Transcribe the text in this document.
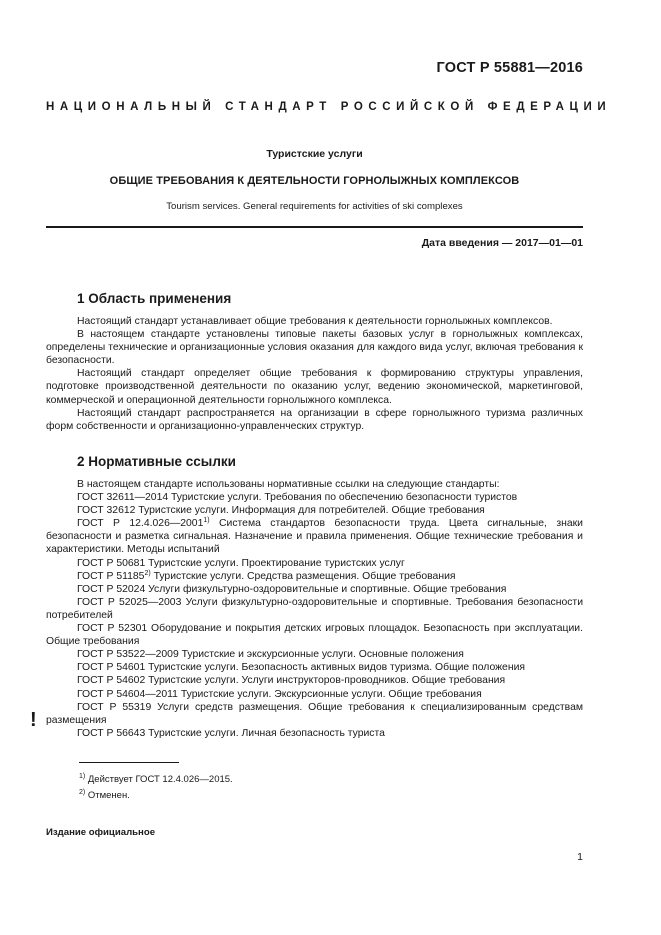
ГОСТ Р 55881—2016
НАЦИОНАЛЬНЫЙ СТАНДАРТ РОССИЙСКОЙ ФЕДЕРАЦИИ
Туристские услуги
ОБЩИЕ ТРЕБОВАНИЯ К ДЕЯТЕЛЬНОСТИ ГОРНОЛЫЖНЫХ КОМПЛЕКСОВ
Tourism services. General requirements for activities of ski complexes
Дата введения — 2017—01—01
1 Область применения

Настоящий стандарт устанавливает общие требования к деятельности горнолыжных комплексов.

В настоящем стандарте установлены типовые пакеты базовых услуг в горнолыжных комплексах, определены технические и организационные условия оказания для каждого вида услуг, включая требования к безопасности.

Настоящий стандарт определяет общие требования к формированию структуры управления, подготовке производственной деятельности по оказанию услуг, ведению экономической, маркетинговой, коммерческой и операционной деятельности горнолыжного комплекса.

Настоящий стандарт распространяется на организации в сфере горнолыжного туризма различных форм собственности и организационно-управленческих структур.

2 Нормативные ссылки

В настоящем стандарте использованы нормативные ссылки на следующие стандарты:

ГОСТ 32611—2014 Туристские услуги. Требования по обеспечению безопасности туристов

ГОСТ 32612 Туристские услуги. Информация для потребителей. Общие требования

ГОСТ Р 12.4.026—2001$^{1)}$ Система стандартов безопасности труда. Цвета сигнальные, знаки безопасности и разметка сигнальная. Назначение и правила применения. Общие технические требования и характеристики. Методы испытаний

ГОСТ Р 50681 Туристские услуги. Проектирование туристских услуг

ГОСТ Р 51185$^{2)}$ Туристские услуги. Средства размещения. Общие требования

ГОСТ Р 52024 Услуги физкультурно-оздоровительные и спортивные. Общие требования

ГОСТ Р 52025—2003 Услуги физкультурно-оздоровительные и спортивные. Требования безопасности потребителей

ГОСТ Р 52301 Оборудование и покрытия детских игровых площадок. Безопасность при эксплуатации. Общие требования

ГОСТ Р 53522—2009 Туристские и экскурсионные услуги. Основные положения

ГОСТ Р 54601 Туристские услуги. Безопасность активных видов туризма. Общие положения

ГОСТ Р 54602 Туристские услуги. Услуги инструкторов-проводников. Общие требования

ГОСТ Р 54604—2011 Туристские услуги. Экскурсионные услуги. Общие требования

ГОСТ Р 55319 Услуги средств размещения. Общие требования к специализированным средствам размещения

ГОСТ Р 56643 Туристские услуги. Личная безопасность туриста

!

$^{1)}$ Действует ГОСТ 12.4.026—2015.

$^{2)}$ Отменен.

Издание официальное
1
